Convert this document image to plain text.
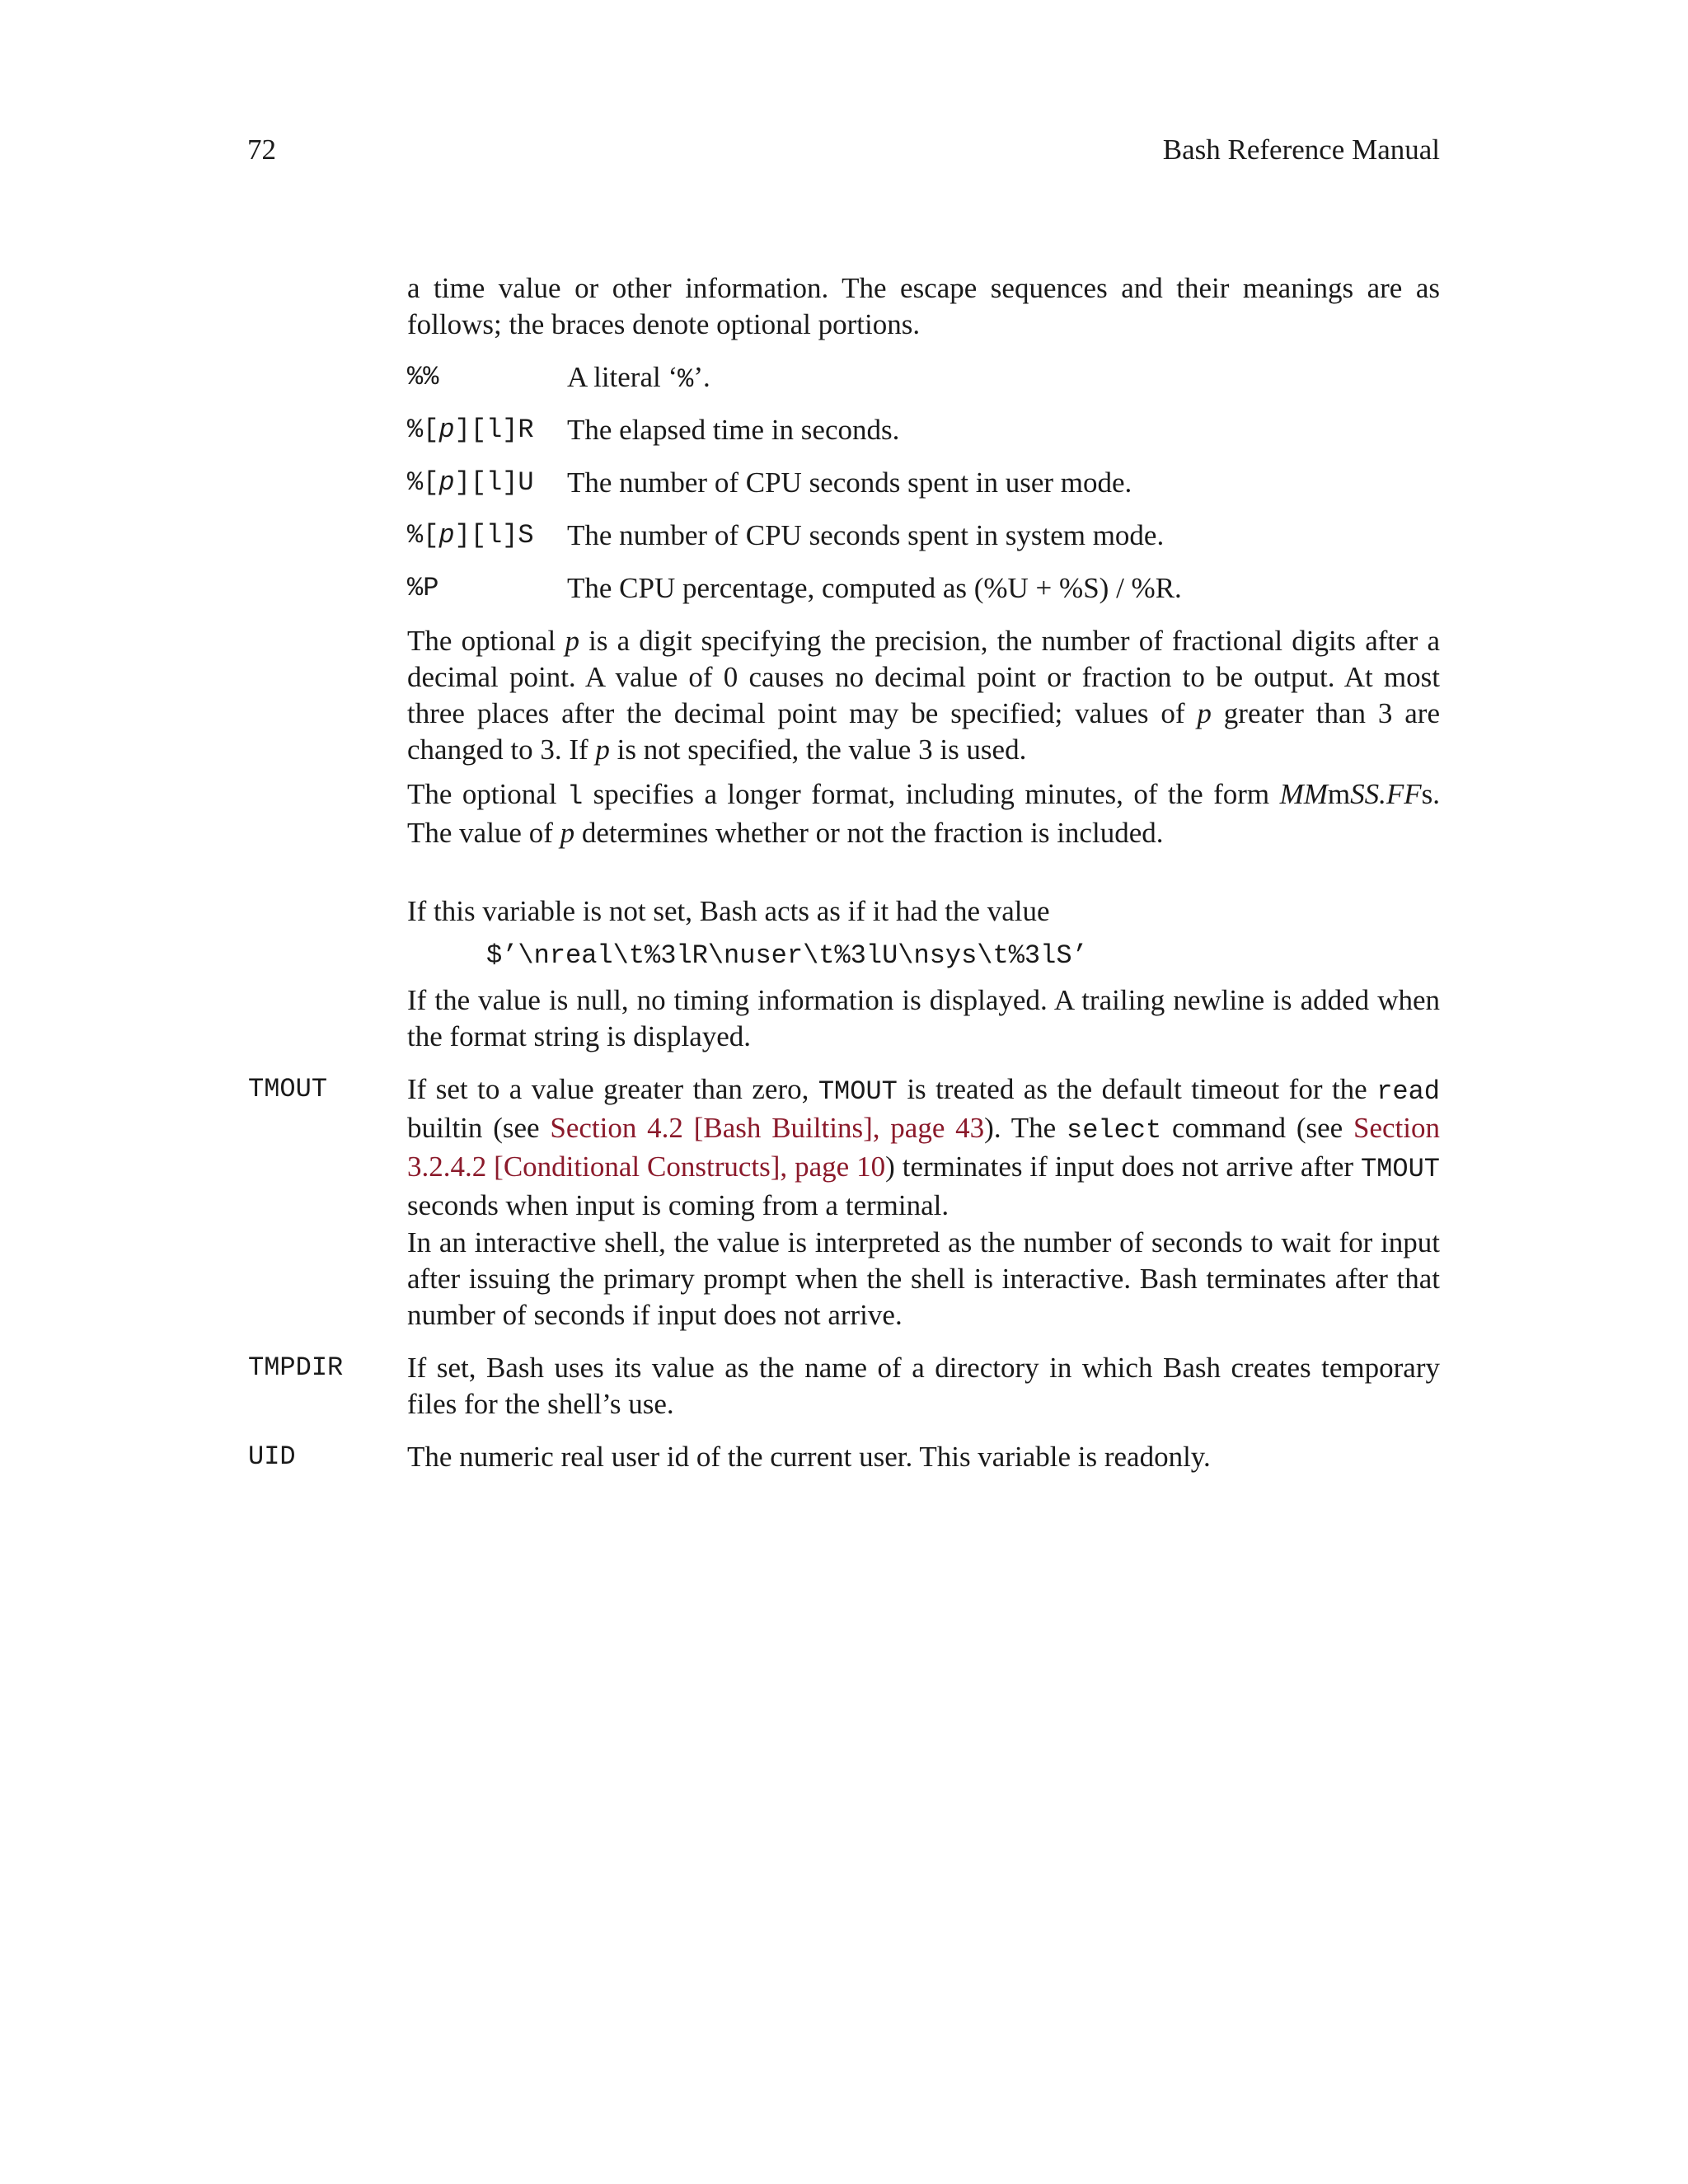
72	Bash Reference Manual

a time value or other information. The escape sequences and their meanings are as follows; the braces denote optional portions.

%%	A literal ‘%’.
%[p][l]R The elapsed time in seconds.
%[p][l]U The number of CPU seconds spent in user mode.
%[p][l]S The number of CPU seconds spent in system mode.
%P	The CPU percentage, computed as (%U + %S) / %R.

The optional p is a digit specifying the precision, the number of fractional digits after a decimal point. A value of 0 causes no decimal point or fraction to be output. At most three places after the decimal point may be specified; values of p greater than 3 are changed to 3. If p is not specified, the value 3 is used.

The optional l specifies a longer format, including minutes, of the form MMmSS.FFs. The value of p determines whether or not the fraction is included.

If this variable is not set, Bash acts as if it had the value

$’\nreal\t%3lR\nuser\t%3lU\nsys\t%3lS’

If the value is null, no timing information is displayed. A trailing newline is added when the format string is displayed.

TMOUT	If set to a value greater than zero, TMOUT is treated as the default timeout for the read builtin (see Section 4.2 [Bash Builtins], page 43). The select command (see Section 3.2.4.2 [Conditional Constructs], page 10) terminates if input does not arrive after TMOUT seconds when input is coming from a terminal.

In an interactive shell, the value is interpreted as the number of seconds to wait for input after issuing the primary prompt when the shell is interactive. Bash terminates after that number of seconds if input does not arrive.

TMPDIR If set, Bash uses its value as the name of a directory in which Bash creates temporary files for the shell’s use.

UID	The numeric real user id of the current user. This variable is readonly.
